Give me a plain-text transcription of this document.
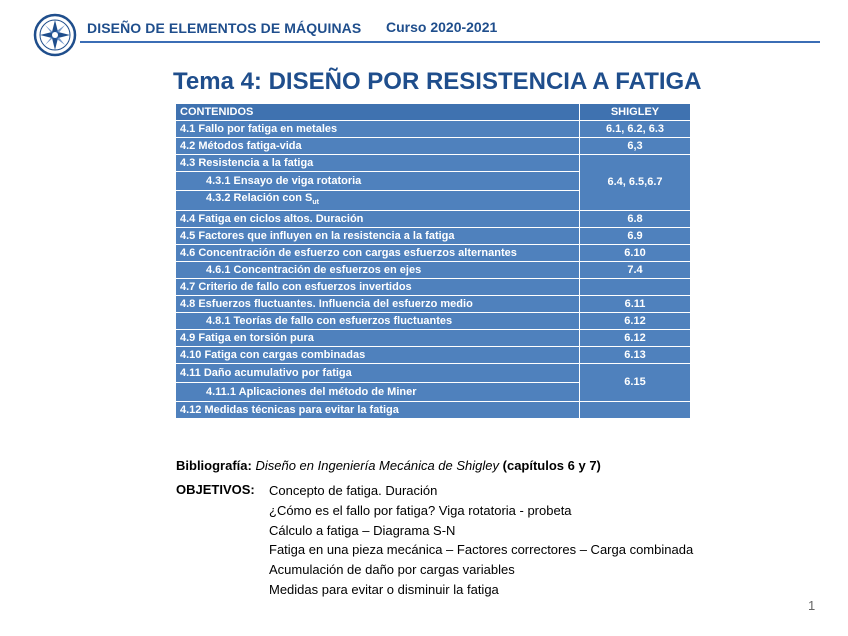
DISEÑO DE ELEMENTOS DE MÁQUINAS Curso 2020-2021
Tema 4: DISEÑO POR RESISTENCIA A FATIGA
CONTENIDOS	SHIGLEY
4.1 Fallo por fatiga en metales	6.1, 6.2, 6.3
4.2 Métodos fatiga-vida	6,3
4.3 Resistencia a la fatiga	6.4, 6.5,6.7
4.3.1 Ensayo de viga rotatoria	
4.3.2 Relación con $S_{ut}$
4.4 Fatiga en ciclos altos. Duración	6.8
4.5 Factores que influyen en la resistencia a la fatiga	6.9
4.6 Concentración de esfuerzo con cargas esfuerzos alternantes	6.10
4.6.1 Concentración de esfuerzos en ejes	7.4
4.7 Criterio de fallo con esfuerzos invertidos	
4.8 Esfuerzos fluctuantes. Influencia del esfuerzo medio	6.11
4.8.1 Teorías de fallo con esfuerzos fluctuantes	6.12
4.9 Fatiga en torsión pura	6.12
4.10 Fatiga con cargas combinadas	6.13
4.11 Daño acumulativo por fatiga	6.15
4.11.1 Aplicaciones del método de Miner	
4.12 Medidas técnicas para evitar la fatiga	
Bibliografía: Diseño en Ingeniería Mecánica de Shigley (capítulos 6 y 7)
OBJETIVOS: Concepto de fatiga. Duración
¿Cómo es el fallo por fatiga? Viga rotatoria - probeta
Cálculo a fatiga – Diagrama S-N
Fatiga en una pieza mecánica – Factores correctores – Carga combinada
Acumulación de daño por cargas variables
Medidas para evitar o disminuir la fatiga
1
